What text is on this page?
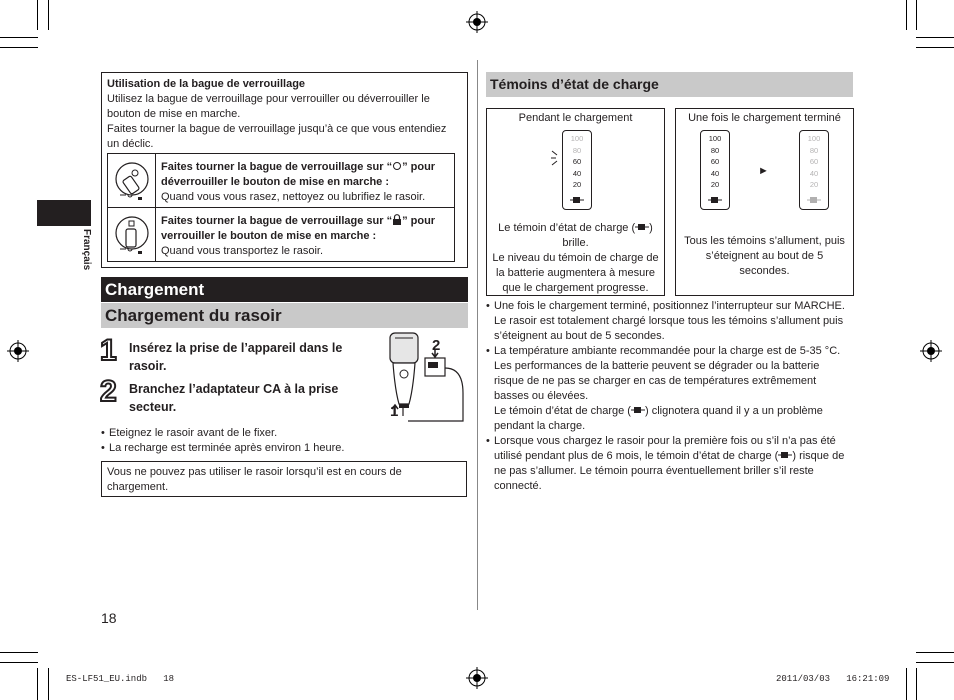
Français
Utilisation de la bague de verrouillage
Utilisez la bague de verrouillage pour verrouiller ou déverrouiller le
bouton de mise en marche.
Faites tourner la bague de verrouillage jusqu’à ce que vous entendiez
un déclic.
Faites tourner la bague de verrouillage sur “ ” pour
déverrouiller le bouton de mise en marche :
Quand vous vous rasez, nettoyez ou lubrifiez le rasoir.
Faites tourner la bague de verrouillage sur “ ” pour
verrouiller le bouton de mise en marche :
Quand vous transportez le rasoir.
Chargement
Chargement du rasoir
1 Insérez la prise de l’appareil dans le
rasoir.
2 Branchez l’adaptateur CA à la prise
secteur.
2
1
• Eteignez le rasoir avant de le fixer.
• La recharge est terminée après environ 1 heure.
Vous ne pouvez pas utiliser le rasoir lorsqu’il est en cours de
chargement.
18
Témoins d’état de charge
Pendant le chargement
100
80
60
40
20
Le témoin d’état de charge ( )
brille.
Le niveau du témoin de charge de
la batterie augmentera à mesure
que le chargement progresse.
Une fois le chargement terminé
100
80
60
40
20
►
100
80
60
40
20
Tous les témoins s’allument, puis
s’éteignent au bout de 5
secondes.
• Une fois le chargement terminé, positionnez l’interrupteur sur MARCHE.
Le rasoir est totalement chargé lorsque tous les témoins s’allument puis
s’éteignent au bout de 5 secondes.
• La température ambiante recommandée pour la charge est de 5-35 °C.
Les performances de la batterie peuvent se dégrader ou la batterie
risque de ne pas se charger en cas de températures extrêmement
basses ou élevées.
Le témoin d’état de charge ( ) clignotera quand il y a un problème
pendant la charge.
• Lorsque vous chargez le rasoir pour la première fois ou s’il n’a pas été
utilisé pendant plus de 6 mois, le témoin d’état de charge ( ) risque de
ne pas s’allumer. Le témoin pourra éventuellement briller s’il reste
connecté.
ES-LF51_EU.indb   18	2011/03/03   16:21:09
